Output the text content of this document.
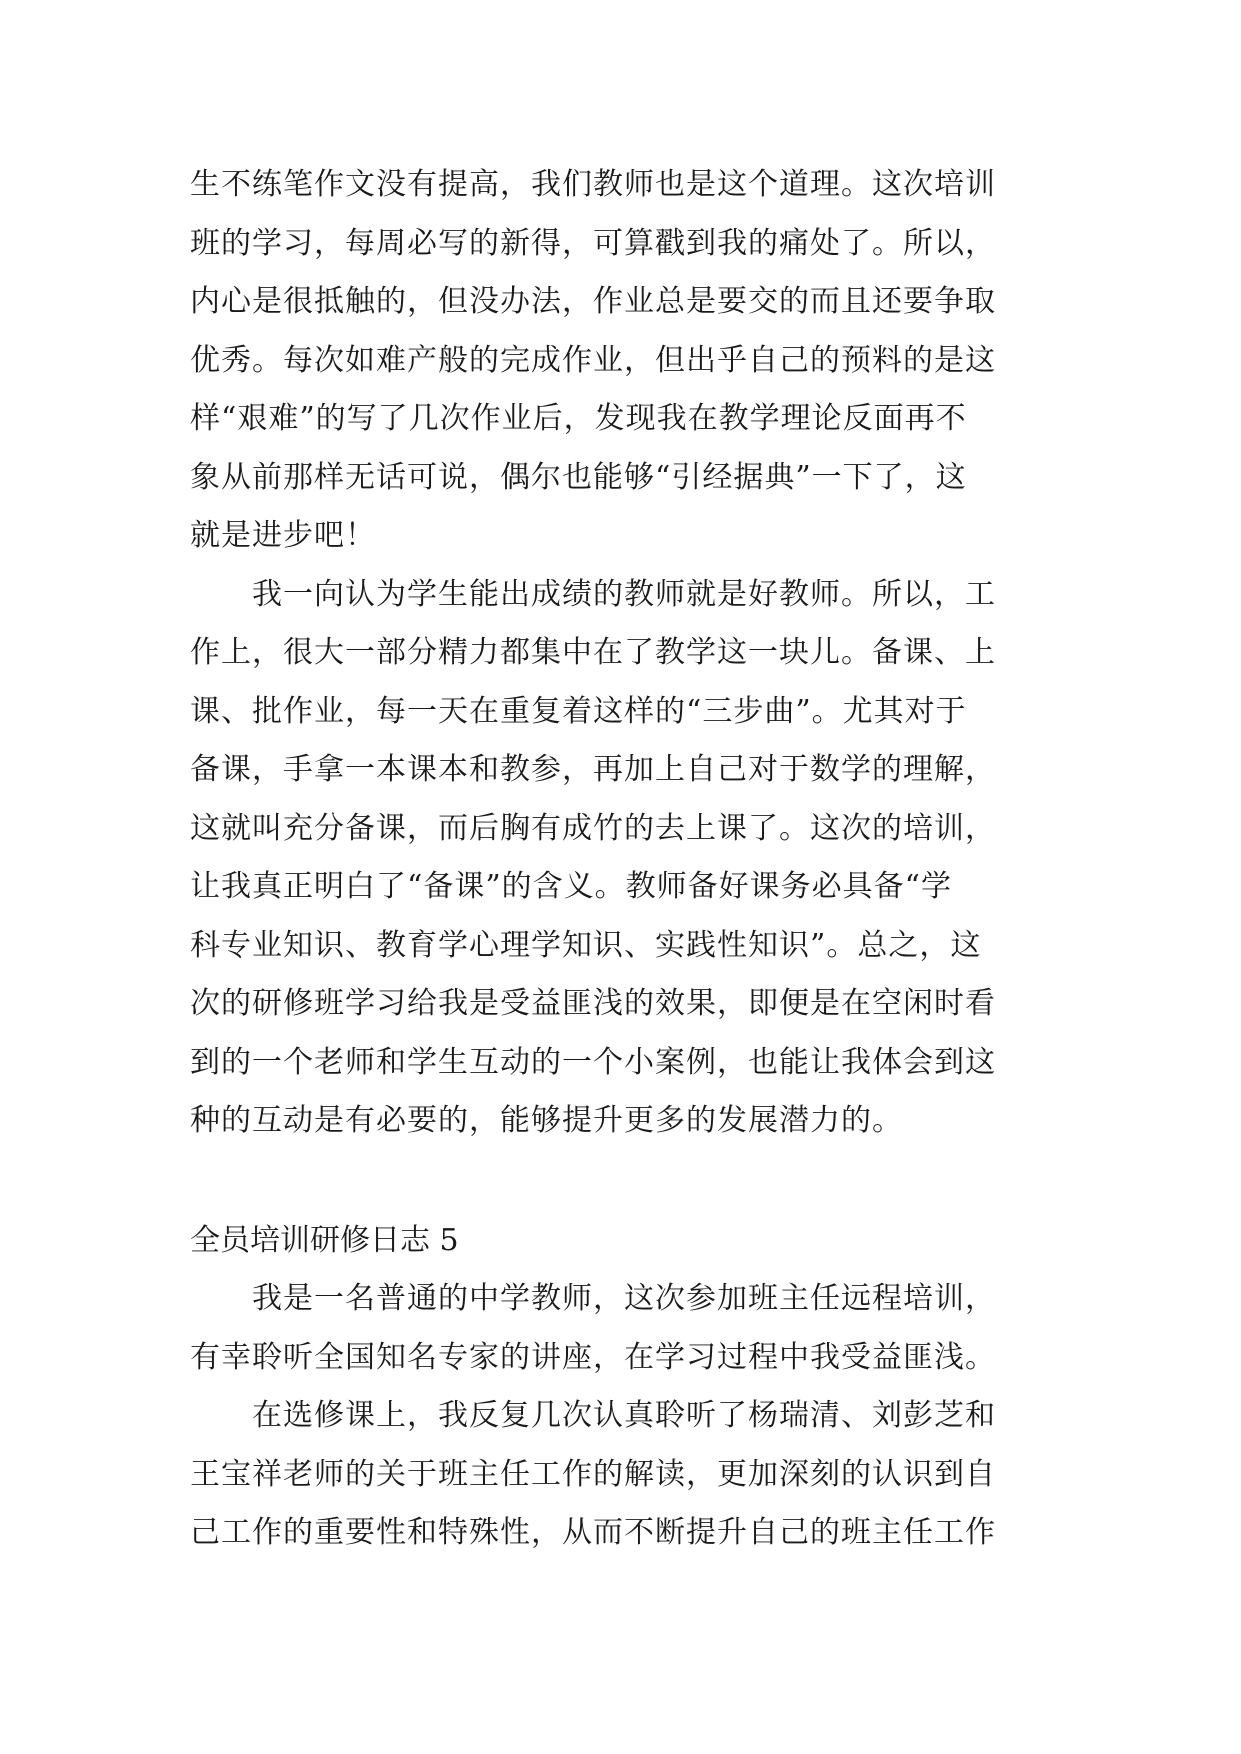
生不练笔作文没有提高，我们教师也是这个道理。这次培训
班的学习，每周必写的新得，可算戳到我的痛处了。所以，
内心是很抵触的，但没办法，作业总是要交的而且还要争取
优秀。每次如难产般的完成作业，但出乎自己的预料的是这
样“艰难”的写了几次作业后，发现我在教学理论反面再不
象从前那样无话可说，偶尔也能够“引经据典”一下了，这
就是进步吧！
　　我一向认为学生能出成绩的教师就是好教师。所以，工
作上，很大一部分精力都集中在了教学这一块儿。备课、上
课、批作业，每一天在重复着这样的“三步曲”。尤其对于
备课，手拿一本课本和教参，再加上自己对于数学的理解，
这就叫充分备课，而后胸有成竹的去上课了。这次的培训，
让我真正明白了“备课”的含义。教师备好课务必具备“学
科专业知识、教育学心理学知识、实践性知识”。总之，这
次的研修班学习给我是受益匪浅的效果，即便是在空闲时看
到的一个老师和学生互动的一个小案例，也能让我体会到这
种的互动是有必要的，能够提升更多的发展潜力的。
全员培训研修日志 5
　　我是一名普通的中学教师，这次参加班主任远程培训，
有幸聆听全国知名专家的讲座，在学习过程中我受益匪浅。
　　在选修课上，我反复几次认真聆听了杨瑞清、刘彭芝和
王宝祥老师的关于班主任工作的解读，更加深刻的认识到自
己工作的重要性和特殊性，从而不断提升自己的班主任工作
